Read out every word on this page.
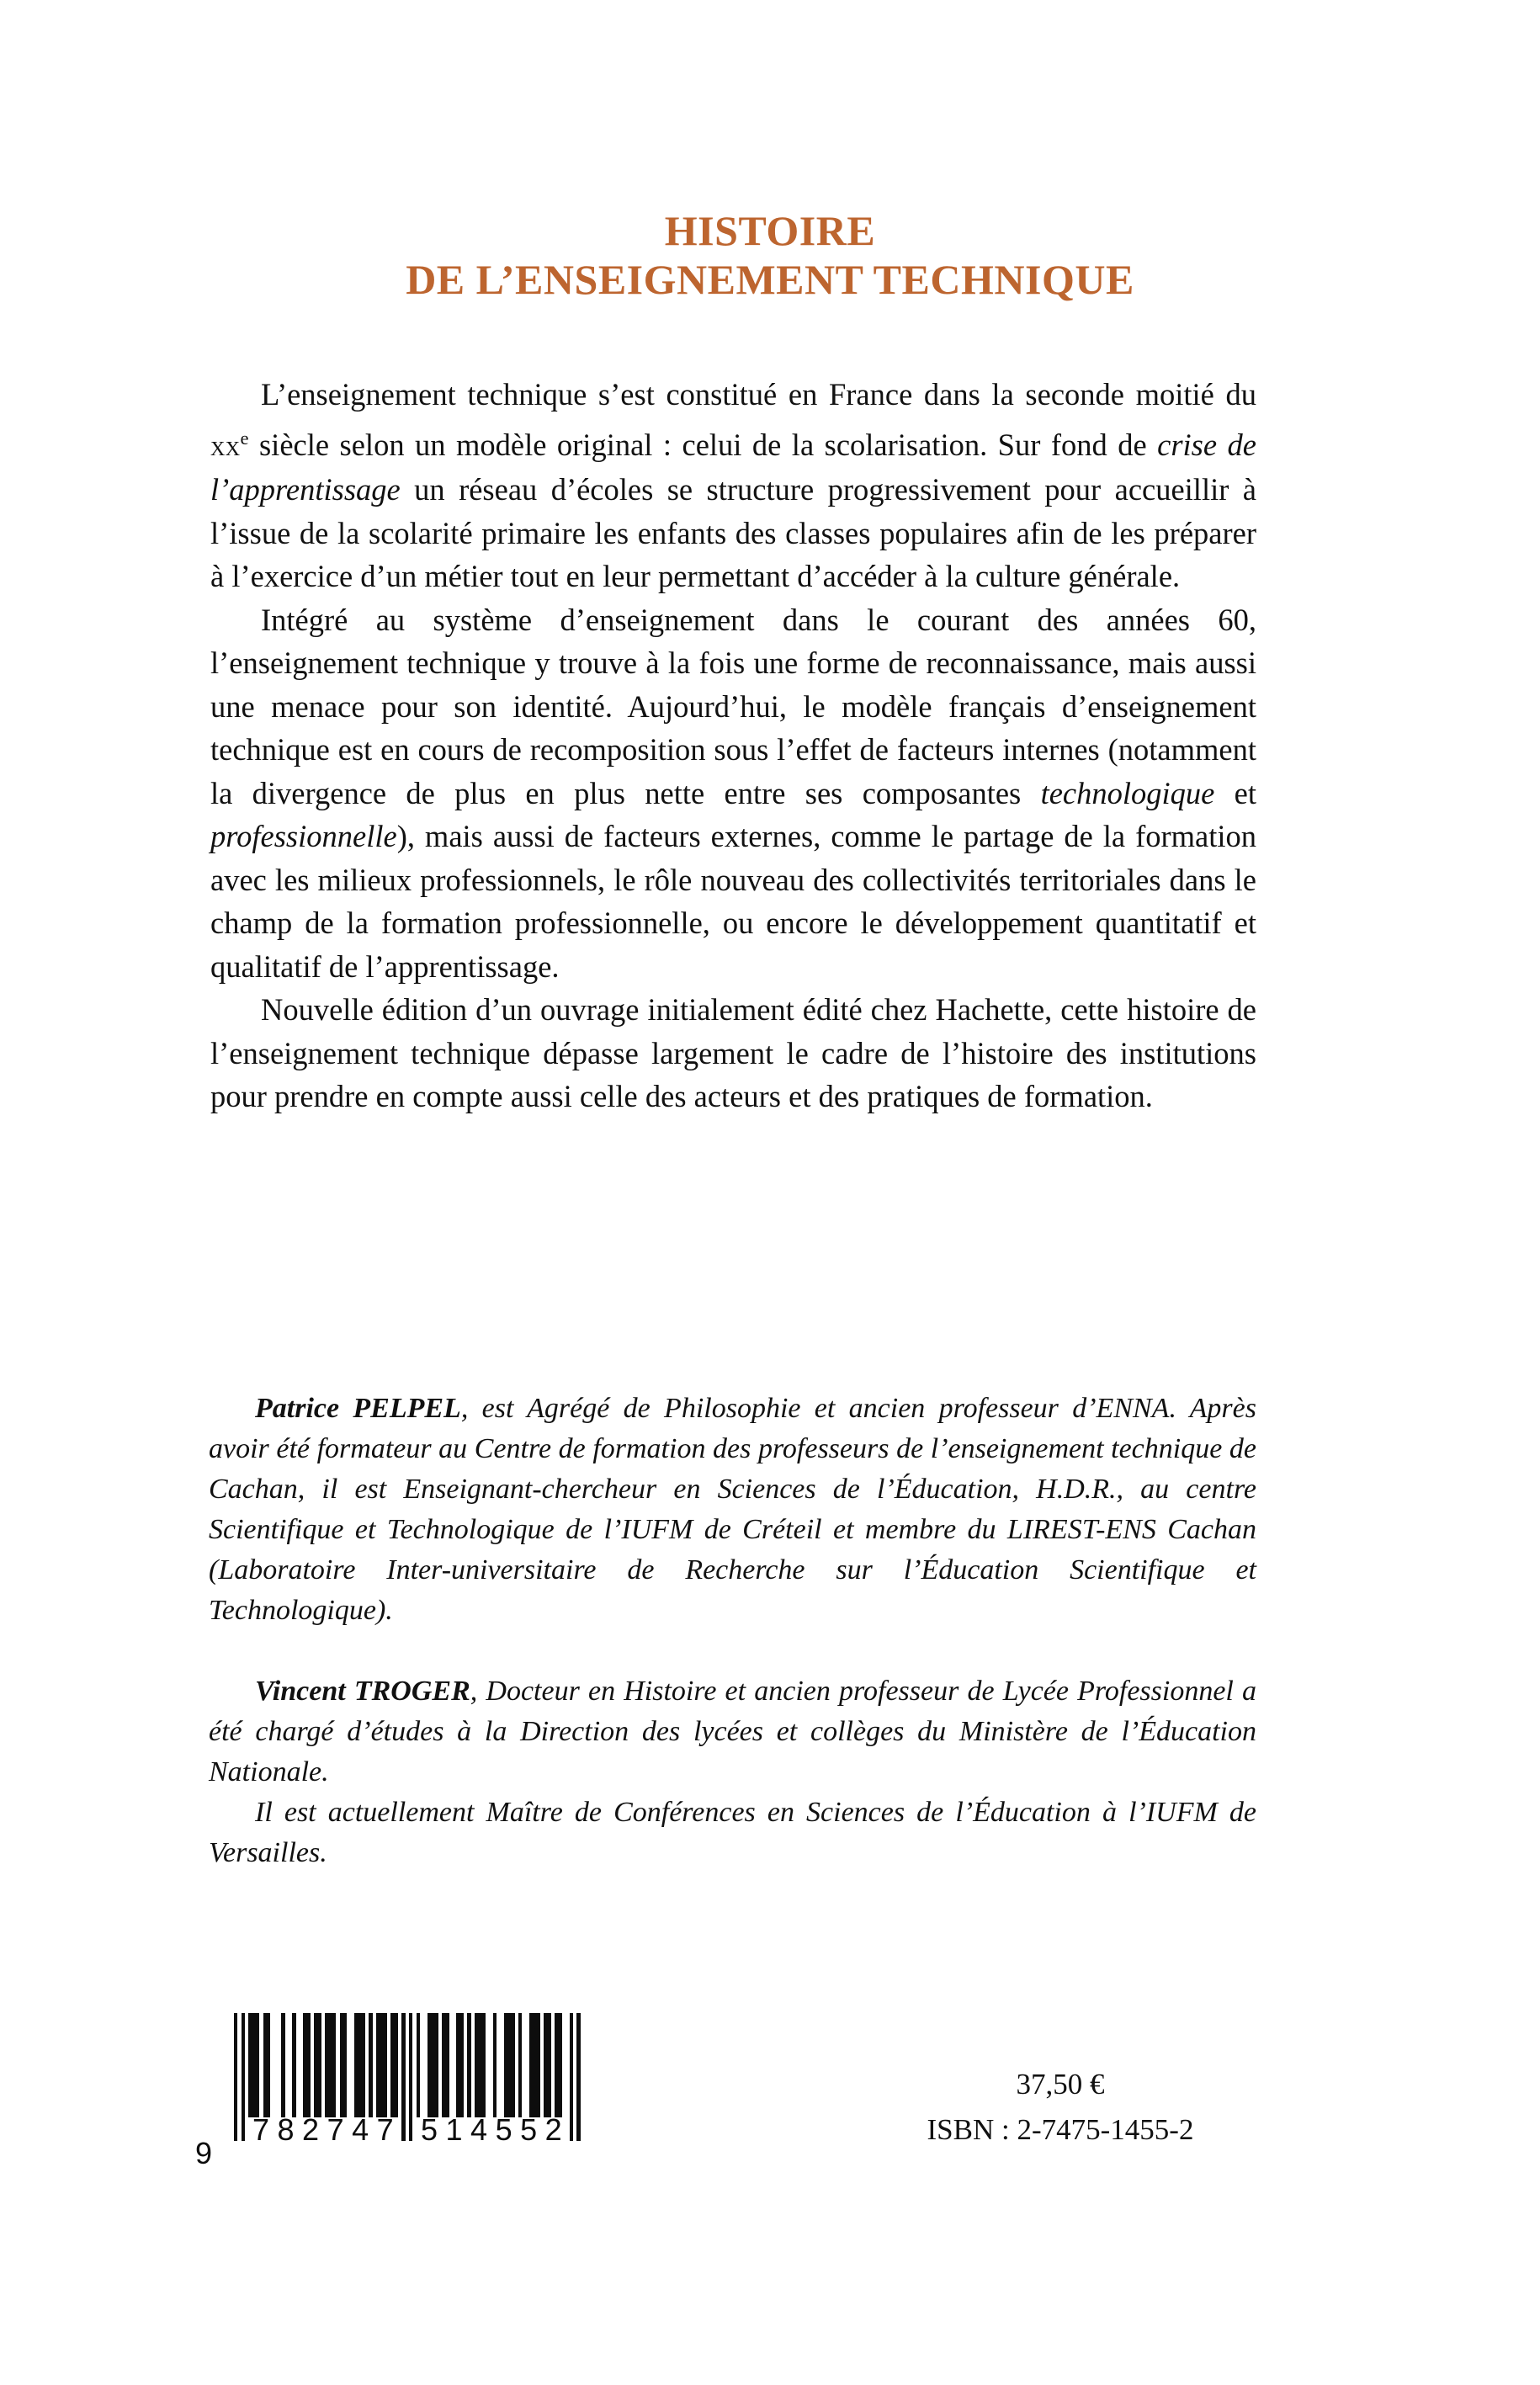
HISTOIRE
DE L’ENSEIGNEMENT TECHNIQUE

L’enseignement technique s’est constitué en France dans la seconde moitié du $xx^e$ siècle selon un modèle original : celui de la scolarisation. Sur fond de crise de l’apprentissage un réseau d’écoles se structure progressivement pour accueillir à l’issue de la scolarité primaire les enfants des classes populaires afin de les préparer à l’exercice d’un métier tout en leur permettant d’accéder à la culture générale.

Intégré au système d’enseignement dans le courant des années 60, l’enseignement technique y trouve à la fois une forme de reconnaissance, mais aussi une menace pour son identité. Aujourd’hui, le modèle français d’enseignement technique est en cours de recomposition sous l’effet de facteurs internes (notamment la divergence de plus en plus nette entre ses composantes technologique et professionnelle), mais aussi de facteurs externes, comme le partage de la formation avec les milieux professionnels, le rôle nouveau des collectivités territoriales dans le champ de la formation professionnelle, ou encore le développement quantitatif et qualitatif de l’apprentissage.

Nouvelle édition d’un ouvrage initialement édité chez Hachette, cette histoire de l’enseignement technique dépasse largement le cadre de l’histoire des institutions pour prendre en compte aussi celle des acteurs et des pratiques de formation.

Patrice PELPEL, est Agrégé de Philosophie et ancien professeur d’ENNA. Après avoir été formateur au Centre de formation des professeurs de l’enseignement technique de Cachan, il est Enseignant-chercheur en Sciences de l’Éducation, H.D.R., au centre Scientifique et Technologique de l’IUFM de Créteil et membre du LIREST-ENS Cachan (Laboratoire Inter-universitaire de Recherche sur l’Éducation Scientifique et Technologique).

Vincent TROGER, Docteur en Histoire et ancien professeur de Lycée Professionnel a été chargé d’études à la Direction des lycées et collèges du Ministère de l’Éducation Nationale.

Il est actuellement Maître de Conférences en Sciences de l’Éducation à l’IUFM de Versailles.

9
782747 514552
37,50 €
ISBN : 2-7475-1455-2
